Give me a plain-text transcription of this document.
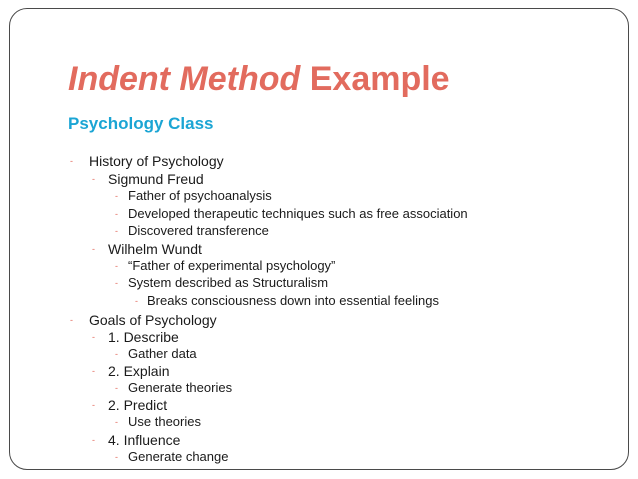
Indent Method Example
Psychology Class
- History of Psychology
- Sigmund Freud
- Father of psychoanalysis
- Developed therapeutic techniques such as free association
- Discovered transference
- Wilhelm Wundt
- “Father of experimental psychology”
- System described as Structuralism
- Breaks consciousness down into essential feelings
- Goals of Psychology
- 1. Describe
- Gather data
- 2. Explain
- Generate theories
- 2. Predict
- Use theories
- 4. Influence
- Generate change
